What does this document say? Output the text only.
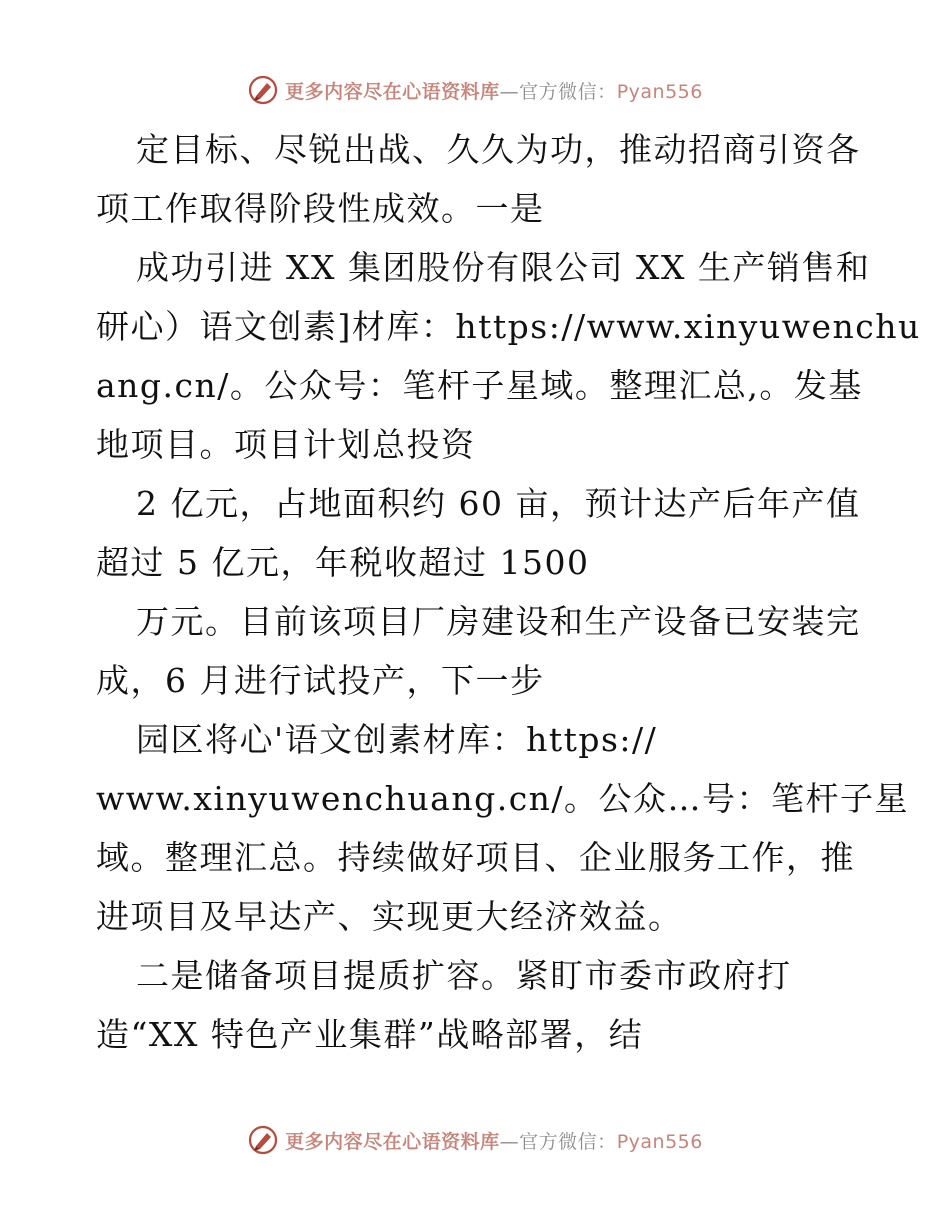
更多内容尽在心语资料库—官方微信：Pyan556
定目标、尽锐出战、久久为功，推动招商引资各
项工作取得阶段性成效。一是
成功引进 XX 集团股份有限公司 XX 生产销售和
研心）语文创素]材库：https://www.xinyuwenchu
ang.cn/。公众号：笔杆子星域。整理汇总,。发基
地项目。项目计划总投资
2 亿元，占地面积约 60 亩，预计达产后年产值
超过 5 亿元，年税收超过 1500
万元。目前该项目厂房建设和生产设备已安装完
成，6 月进行试投产，下一步
园区将心'语文创素材库：https://
www.xinyuwenchuang.cn/。公众…号：笔杆子星
域。整理汇总。持续做好项目、企业服务工作，推
进项目及早达产、实现更大经济效益。
二是储备项目提质扩容。紧盯市委市政府打
造“XX 特色产业集群”战略部署，结
更多内容尽在心语资料库—官方微信：Pyan556
